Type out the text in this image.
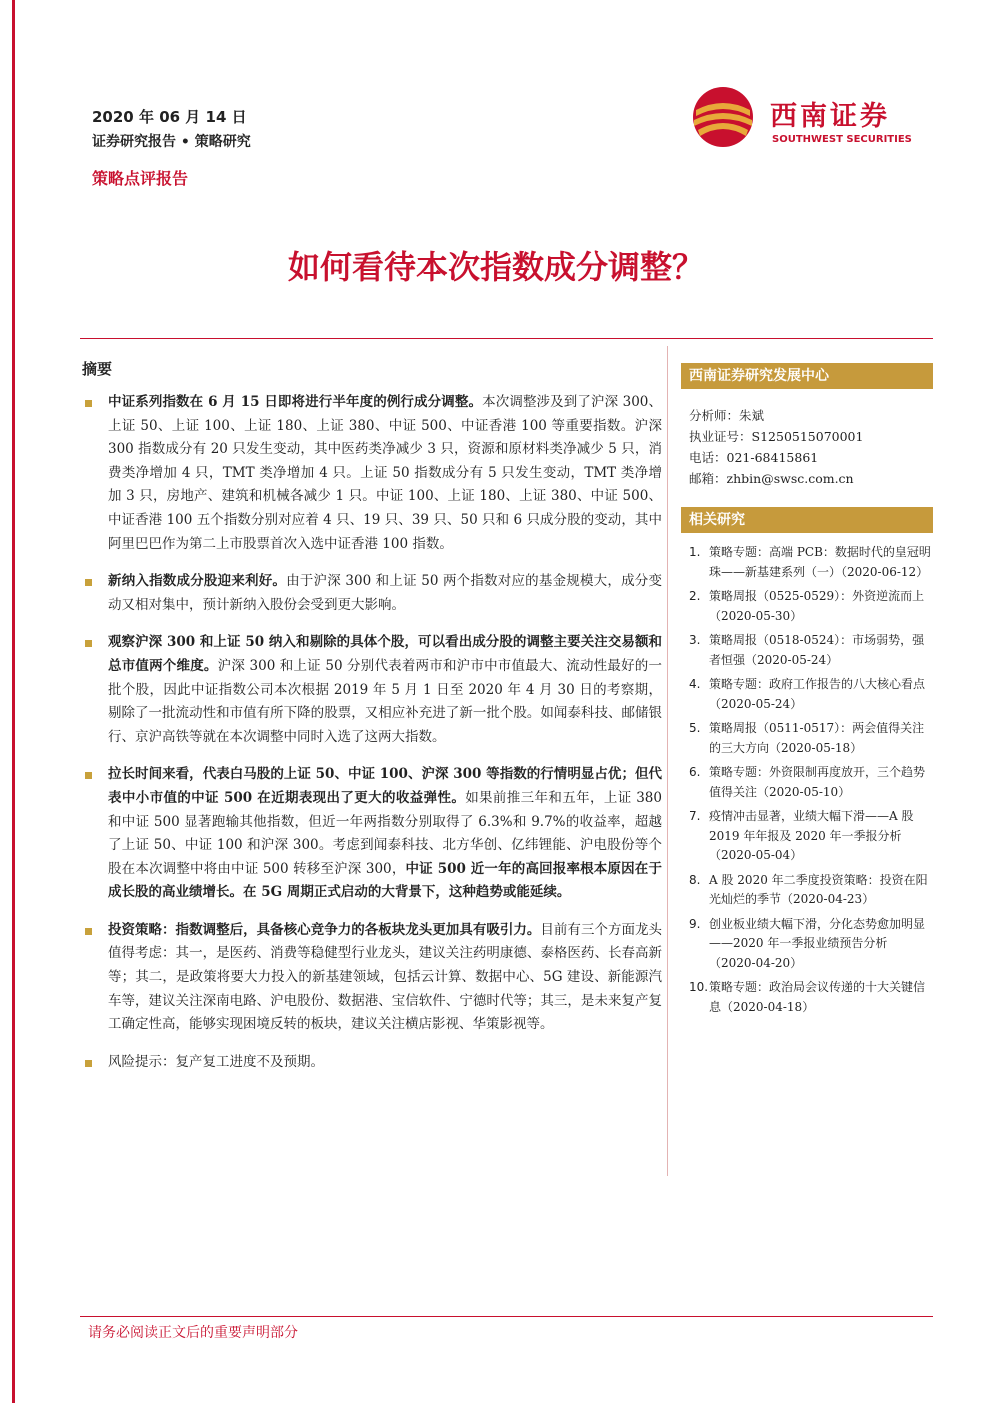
2020 年 06 月 14 日
证券研究报告 • 策略研究
策略点评报告
西南证券
SOUTHWEST SECURITIES
如何看待本次指数成分调整？
摘要
中证系列指数在 6 月 15 日即将进行半年度的例行成分调整。本次调整涉及到了沪深 300、上证 50、上证 100、上证 180、上证 380、中证 500、中证香港 100 等重要指数。沪深 300 指数成分有 20 只发生变动，其中医药类净减少 3 只，资源和原材料类净减少 5 只，消费类净增加 4 只，TMT 类净增加 4 只。上证 50 指数成分有 5 只发生变动，TMT 类净增加 3 只，房地产、建筑和机械各减少 1 只。中证 100、上证 180、上证 380、中证 500、中证香港 100 五个指数分别对应着 4 只、19 只、39 只、50 只和 6 只成分股的变动，其中阿里巴巴作为第二上市股票首次入选中证香港 100 指数。
新纳入指数成分股迎来利好。由于沪深 300 和上证 50 两个指数对应的基金规模大，成分变动又相对集中，预计新纳入股份会受到更大影响。
观察沪深 300 和上证 50 纳入和剔除的具体个股，可以看出成分股的调整主要关注交易额和总市值两个维度。沪深 300 和上证 50 分别代表着两市和沪市中市值最大、流动性最好的一批个股，因此中证指数公司本次根据 2019 年 5 月 1 日至 2020 年 4 月 30 日的考察期，剔除了一批流动性和市值有所下降的股票，又相应补充进了新一批个股。如闻泰科技、邮储银行、京沪高铁等就在本次调整中同时入选了这两大指数。
拉长时间来看，代表白马股的上证 50、中证 100、沪深 300 等指数的行情明显占优；但代表中小市值的中证 500 在近期表现出了更大的收益弹性。如果前推三年和五年，上证 380 和中证 500 显著跑输其他指数，但近一年两指数分别取得了 6.3%和 9.7%的收益率，超越了上证 50、中证 100 和沪深 300。考虑到闻泰科技、北方华创、亿纬锂能、沪电股份等个股在本次调整中将由中证 500 转移至沪深 300，中证 500 近一年的高回报率根本原因在于成长股的高业绩增长。在 5G 周期正式启动的大背景下，这种趋势或能延续。
投资策略：指数调整后，具备核心竞争力的各板块龙头更加具有吸引力。目前有三个方面龙头值得考虑：其一，是医药、消费等稳健型行业龙头，建议关注药明康德、泰格医药、长春高新等；其二，是政策将要大力投入的新基建领域，包括云计算、数据中心、5G 建设、新能源汽车等，建议关注深南电路、沪电股份、数据港、宝信软件、宁德时代等；其三，是未来复产复工确定性高，能够实现困境反转的板块，建议关注横店影视、华策影视等。
风险提示：复产复工进度不及预期。
西南证券研究发展中心
分析师：朱斌
执业证号：S1250515070001
电话：021-68415861
邮箱：zhbin@swsc.com.cn
相关研究
1. 策略专题：高端 PCB：数据时代的皇冠明珠——新基建系列（一）（2020-06-12）
2. 策略周报（0525-0529）：外资逆流而上（2020-05-30）
3. 策略周报（0518-0524）：市场弱势，强者恒强（2020-05-24）
4. 策略专题：政府工作报告的八大核心看点（2020-05-24）
5. 策略周报（0511-0517）：两会值得关注的三大方向（2020-05-18）
6. 策略专题：外资限制再度放开，三个趋势值得关注（2020-05-10）
7. 疫情冲击显著，业绩大幅下滑——A 股 2019 年年报及 2020 年一季报分析（2020-05-04）
8. A 股 2020 年二季度投资策略：投资在阳光灿烂的季节（2020-04-23）
9. 创业板业绩大幅下滑，分化态势愈加明显——2020 年一季报业绩预告分析（2020-04-20）
10. 策略专题：政治局会议传递的十大关键信息（2020-04-18）
请务必阅读正文后的重要声明部分
